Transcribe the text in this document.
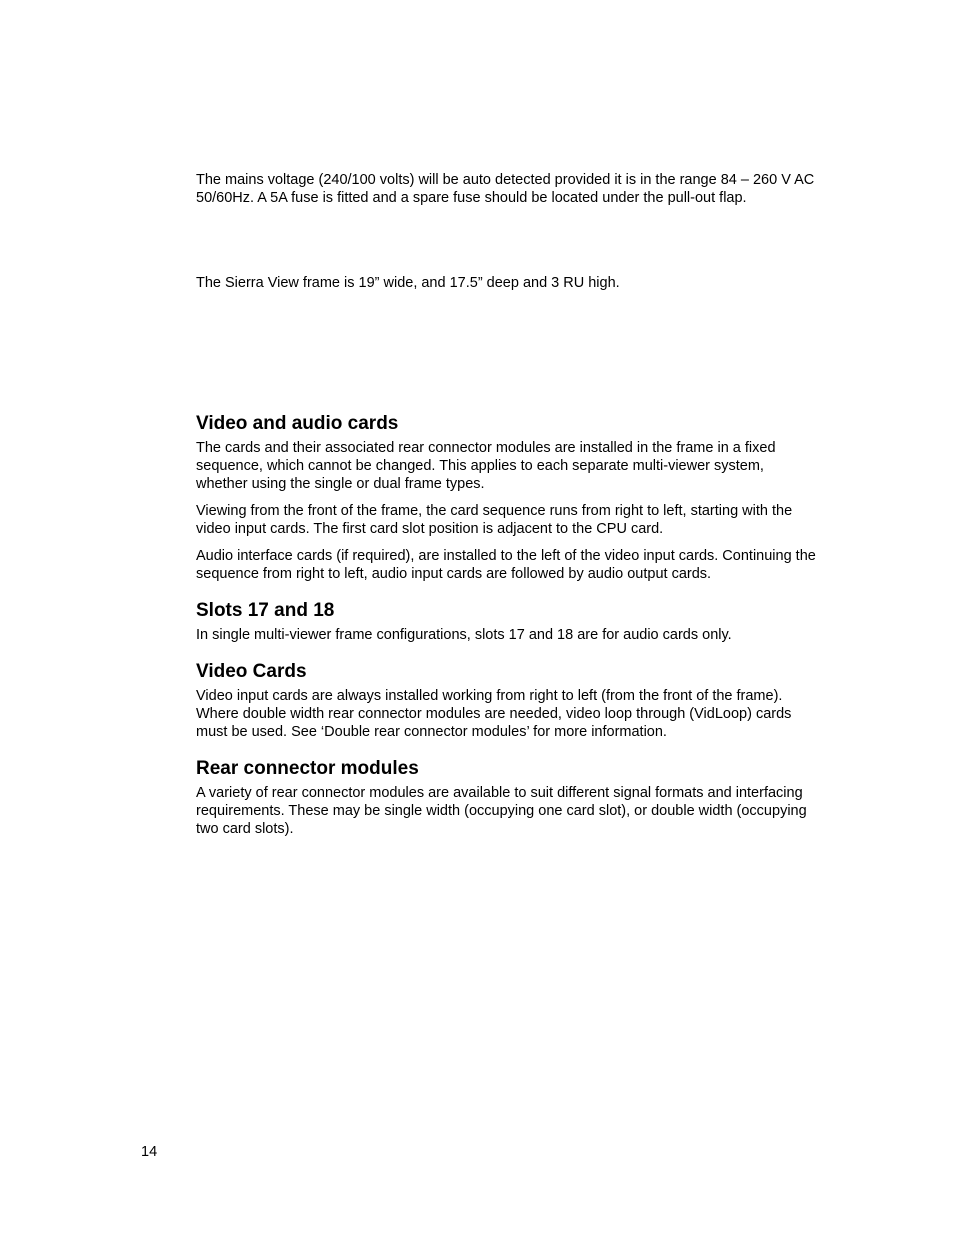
The mains voltage (240/100 volts) will be auto detected provided it is in the range 84 – 260 V AC 50/60Hz. A 5A fuse is fitted and a spare fuse should be located under the pull-out flap.

The Sierra View frame is 19” wide, and 17.5” deep and 3 RU high.

Video and audio cards

The cards and their associated rear connector modules are installed in the frame in a fixed sequence, which cannot be changed. This applies to each separate multi-viewer system, whether using the single or dual frame types.

Viewing from the front of the frame, the card sequence runs from right to left, starting with the video input cards. The first card slot position is adjacent to the CPU card.

Audio interface cards (if required), are installed to the left of the video input cards. Continuing the sequence from right to left, audio input cards are followed by audio output cards.

Slots 17 and 18

In single multi-viewer frame configurations, slots 17 and 18 are for audio cards only.

Video Cards

Video input cards are always installed working from right to left (from the front of the frame). Where double width rear connector modules are needed, video loop through (VidLoop) cards must be used. See ‘Double rear connector modules’ for more information.

Rear connector modules

A variety of rear connector modules are available to suit different signal formats and interfacing requirements. These may be single width (occupying one card slot), or double width (occupying two card slots).

14
